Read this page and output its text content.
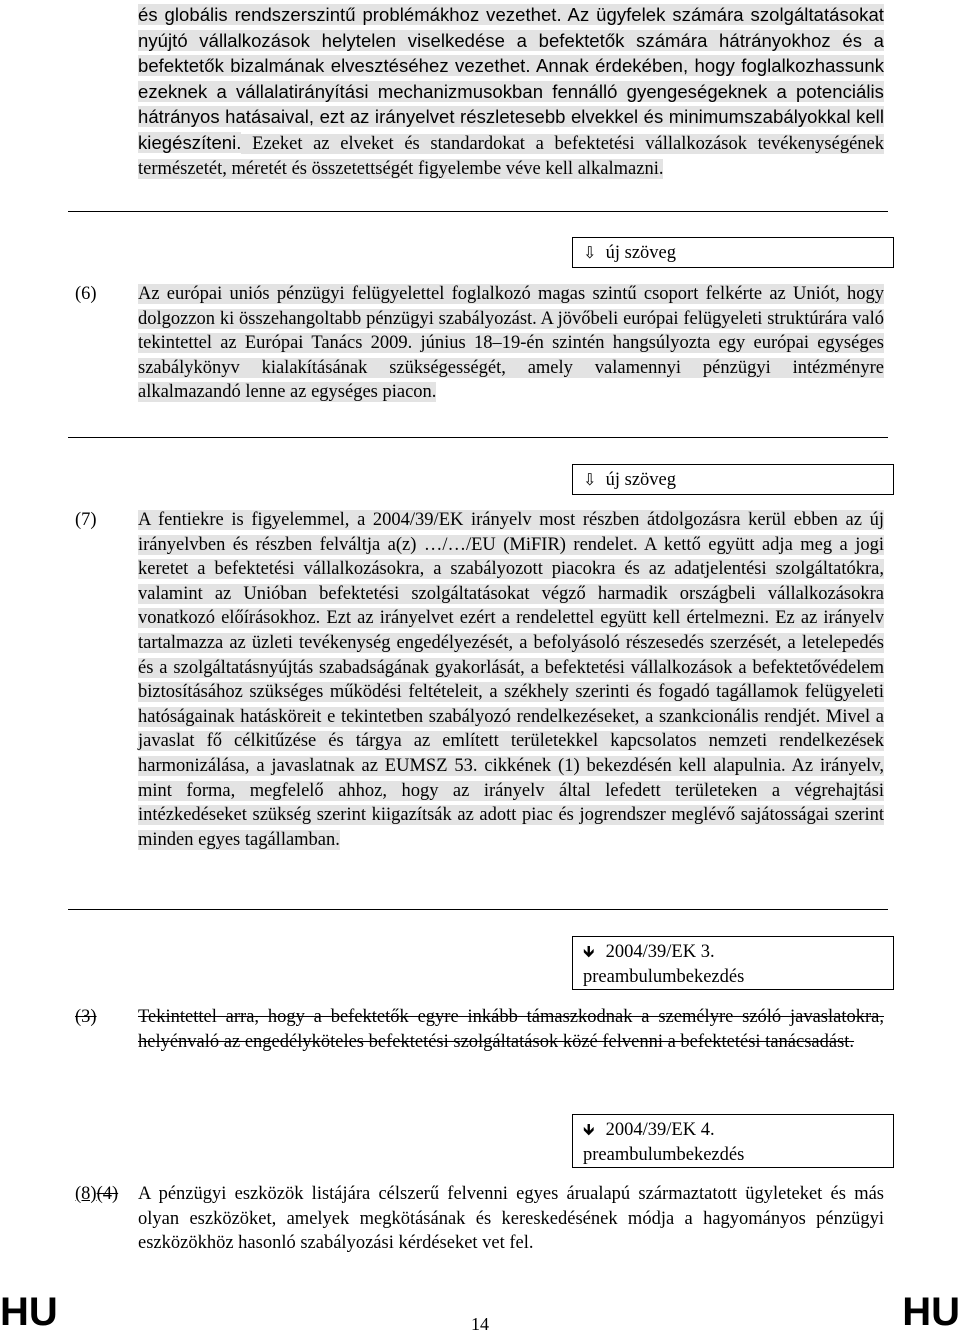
és globális rendszerszintű problémákhoz vezethet. Az ügyfelek számára szolgáltatásokat nyújtó vállalkozások helytelen viselkedése a befektetők számára hátrányokhoz és a befektetők bizalmának elvesztéséhez vezethet. Annak érdekében, hogy foglalkozhassunk ezeknek a vállalatirányítási mechanizmusokban fennálló gyengeségeknek a potenciális hátrányos hatásaival, ezt az irányelvet részletesebb elvekkel és minimumszabályokkal kell kiegészíteni. Ezeket az elveket és standardokat a befektetési vállalkozások tevékenységének természetét, méretét és összetettségét figyelembe véve kell alkalmazni.
⇩ új szöveg
(6) Az európai uniós pénzügyi felügyelettel foglalkozó magas szintű csoport felkérte az Uniót, hogy dolgozzon ki összehangoltabb pénzügyi szabályozást. A jövőbeli európai felügyeleti struktúrára való tekintettel az Európai Tanács 2009. június 18–19-én szintén hangsúlyozta egy európai egységes szabálykönyv kialakításának szükségességét, amely valamennyi pénzügyi intézményre alkalmazandó lenne az egységes piacon.
⇩ új szöveg
(7) A fentiekre is figyelemmel, a 2004/39/EK irányelv most részben átdolgozásra kerül ebben az új irányelvben és részben felváltja a(z) …/…/EU (MiFIR) rendelet. A kettő együtt adja meg a jogi keretet a befektetési vállalkozásokra, a szabályozott piacokra és az adatjelentési szolgáltatókra, valamint az Unióban befektetési szolgáltatásokat végző harmadik országbeli vállalkozásokra vonatkozó előírásokhoz. Ezt az irányelvet ezért a rendelettel együtt kell értelmezni. Ez az irányelv tartalmazza az üzleti tevékenység engedélyezését, a befolyásoló részesedés szerzését, a letelepedés és a szolgáltatásnyújtás szabadságának gyakorlását, a befektetési vállalkozások a befektetővédelem biztosításához szükséges működési feltételeit, a székhely szerinti és fogadó tagállamok felügyeleti hatóságainak hatásköreit e tekintetben szabályozó rendelkezéseket, a szankcionális rendjét. Mivel a javaslat fő célkitűzése és tárgya az említett területekkel kapcsolatos nemzeti rendelkezések harmonizálása, a javaslatnak az EUMSZ 53. cikkének (1) bekezdésén kell alapulnia. Az irányelv, mint forma, megfelelő ahhoz, hogy az irányelv által lefedett területeken a végrehajtási intézkedéseket szükség szerint kiigazítsák az adott piac és jogrendszer meglévő sajátosságai szerint minden egyes tagállamban.
🡻 2004/39/EK 3.
preambulumbekezdés
(3) Tekintettel arra, hogy a befektetők egyre inkább támaszkodnak a személyre szóló javaslatokra, helyénvaló az engedélyköteles befektetési szolgáltatások közé felvenni a befektetési tanácsadást.
🡻 2004/39/EK 4.
preambulumbekezdés
(8)(4) A pénzügyi eszközök listájára célszerű felvenni egyes árualapú származtatott ügyleteket és más olyan eszközöket, amelyek megkötásának és kereskedésének módja a hagyományos pénzügyi eszközökhöz hasonló szabályozási kérdéseket vet fel.
HU	14	HU
